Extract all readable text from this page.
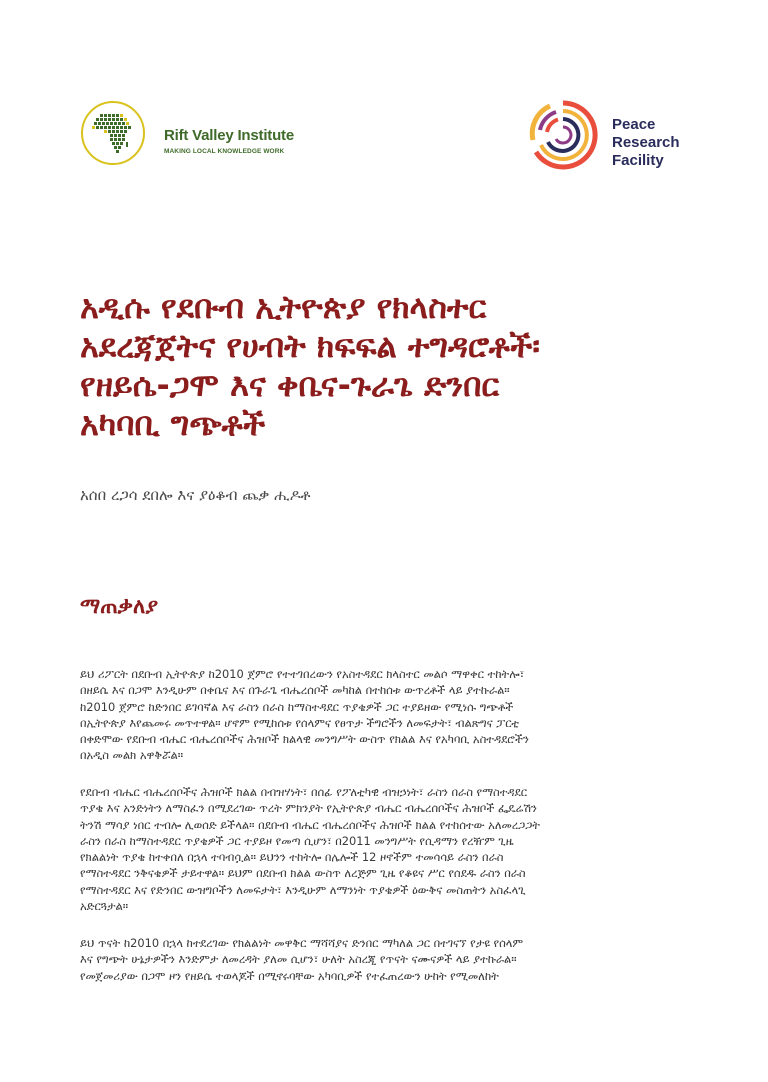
Rift Valley Institute
MAKING LOCAL KNOWLEDGE WORK
Peace
Research
Facility
አዲሱ የደቡብ ኢትዮጵያ የክላስተር
አደረጃጀትና የሀብት ክፍፍል ተግዳሮቶች፡
የዘይሴ-ጋሞ እና ቀቤና-ጉራጌ ድንበር
አካባቢ ግጭቶች
አሰበ ረጋሳ ደበሎ እና ያዕቆብ ጨቃ ሒዶቶ
ማጠቃለያ
ይህ ሪፖርት በደቡብ ኢትዮጵያ ከ2010 ጀምሮ የተተገበረውን የአስተዳደር ክላስተር መልሶ ማዋቀር ተከትሎ፣
በዘይሴ እና በጋሞ እንዲሁም በቀቤና እና በጉራጌ ብሔረሰቦች መካከል በተከሰቱ ውጥረቶች ላይ ያተኩራል።
ከ2010 ጀምሮ ከድንበር ይገባኛል እና ራስን በራስ ከማስተዳደር ጥያቄዎች ጋር ተያይዘው የሚነሱ ግጭቶች
በኢትዮጵያ እየጨመሩ መጥተዋል። ሆኖም የሚከሰቱ የሰላምና የፀጥታ ችግሮችን ለመፍታት፣ ብልጽግና ፓርቲ
በቀድሞው የደቡብ ብሔር ብሔረሰቦችና ሕዝቦች ክልላዊ መንግሥት ውስጥ የክልል እና የአካባቢ አስተዳደሮችን
በአዲስ መልክ አዋቅሯል።
የደቡብ ብሔር ብሔረሰቦችና ሕዝቦች ክልል በብዝሃነት፣ በሰፊ የፖለቲካዊ ብዝኃነት፣ ራስን በራስ የማስተዳደር
ጥያቄ እና አንድነትን ለማስፈን በሚደረገው ጥረት ምክንያት የኢትዮጵያ ብሔር ብሔረሰቦችና ሕዝቦች ፌዴሬሽን
ትንሽ ማሳያ ነበር ተብሎ ሊወሰድ ይችላል። በደቡብ ብሔር ብሔረሰቦችና ሕዝቦች ክልል የተከሰተው አለመረጋጋት
ራስን በራስ ከማስተዳደር ጥያቄዎች ጋር ተያይዞ የመጣ ሲሆን፣ በ2011 መንግሥት የሲዳማን የረዥም ጊዜ
የክልልነት ጥያቄ ከተቀበለ በኋላ ተባብሷል። ይህንን ተከትሎ በሌሎች 12 ዞኖችም ተመሳሳይ ራስን በራስ
የማስተዳደር ንቅናቄዎች ታይተዋል። ይህም በደቡብ ክልል ውስጥ ለረጅም ጊዜ የቆዩና ሥር የሰደዱ ራስን በራስ
የማስተዳደር እና የድንበር ውዝግቦችን ለመፍታት፣ እንዲሁም ለማንነት ጥያቄዎች ዕውቅና መስጠትን አስፈላጊ
አድርጓታል።
ይህ ጥናት ከ2010 በኋላ ከተደረገው የክልልነት መዋቅር ማሻሻያና ድንበር ማካለል ጋር በተገናኘ የታዩ የሰላም
እና የግጭት ሁኔታዎችን እንድምታ ለመረዳት ያለመ ሲሆን፣ ሁለት አስረጂ የጥናት ናሙናዎች ላይ ያተኩራል።
የመጀመሪያው በጋሞ ዞን የዘይሴ ተወላጆች በሚኖሩባቸው አካባቢዎች የተፈጠረውን ሁከት የሚመለከት
